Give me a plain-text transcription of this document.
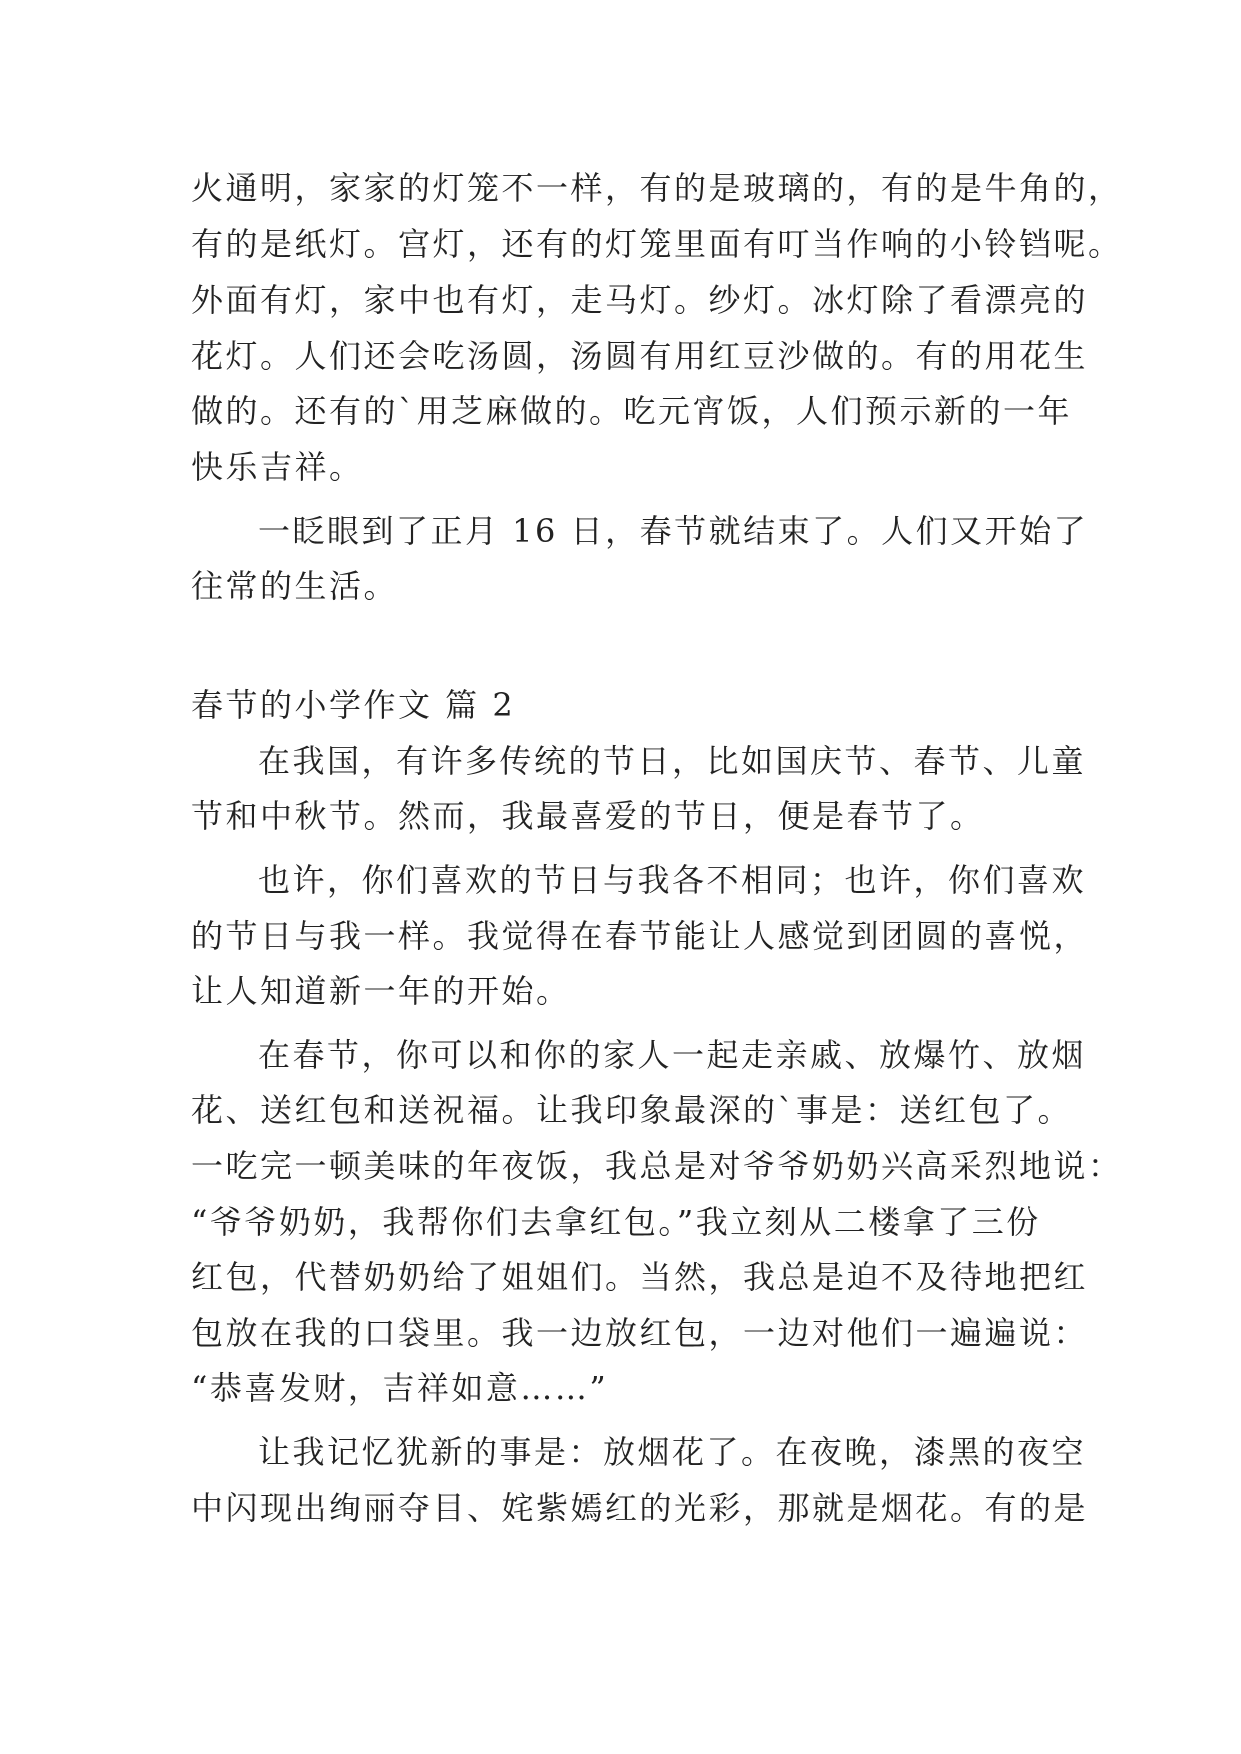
火通明，家家的灯笼不一样，有的是玻璃的，有的是牛角的，
有的是纸灯。宫灯，还有的灯笼里面有叮当作响的小铃铛呢。
外面有灯，家中也有灯，走马灯。纱灯。冰灯除了看漂亮的
花灯。人们还会吃汤圆，汤圆有用红豆沙做的。有的用花生
做的。还有的`用芝麻做的。吃元宵饭，人们预示新的一年
快乐吉祥。
一眨眼到了正月 16 日，春节就结束了。人们又开始了
往常的生活。
春节的小学作文 篇 2
在我国，有许多传统的节日，比如国庆节、春节、儿童
节和中秋节。然而，我最喜爱的节日，便是春节了。
也许，你们喜欢的节日与我各不相同；也许，你们喜欢
的节日与我一样。我觉得在春节能让人感觉到团圆的喜悦，
让人知道新一年的开始。
在春节，你可以和你的家人一起走亲戚、放爆竹、放烟
花、送红包和送祝福。让我印象最深的`事是：送红包了。
一吃完一顿美味的年夜饭，我总是对爷爷奶奶兴高采烈地说：
“爷爷奶奶，我帮你们去拿红包。”我立刻从二楼拿了三份
红包，代替奶奶给了姐姐们。当然，我总是迫不及待地把红
包放在我的口袋里。我一边放红包，一边对他们一遍遍说：
“恭喜发财，吉祥如意……”
让我记忆犹新的事是：放烟花了。在夜晚，漆黑的夜空
中闪现出绚丽夺目、姹紫嫣红的光彩，那就是烟花。有的是
